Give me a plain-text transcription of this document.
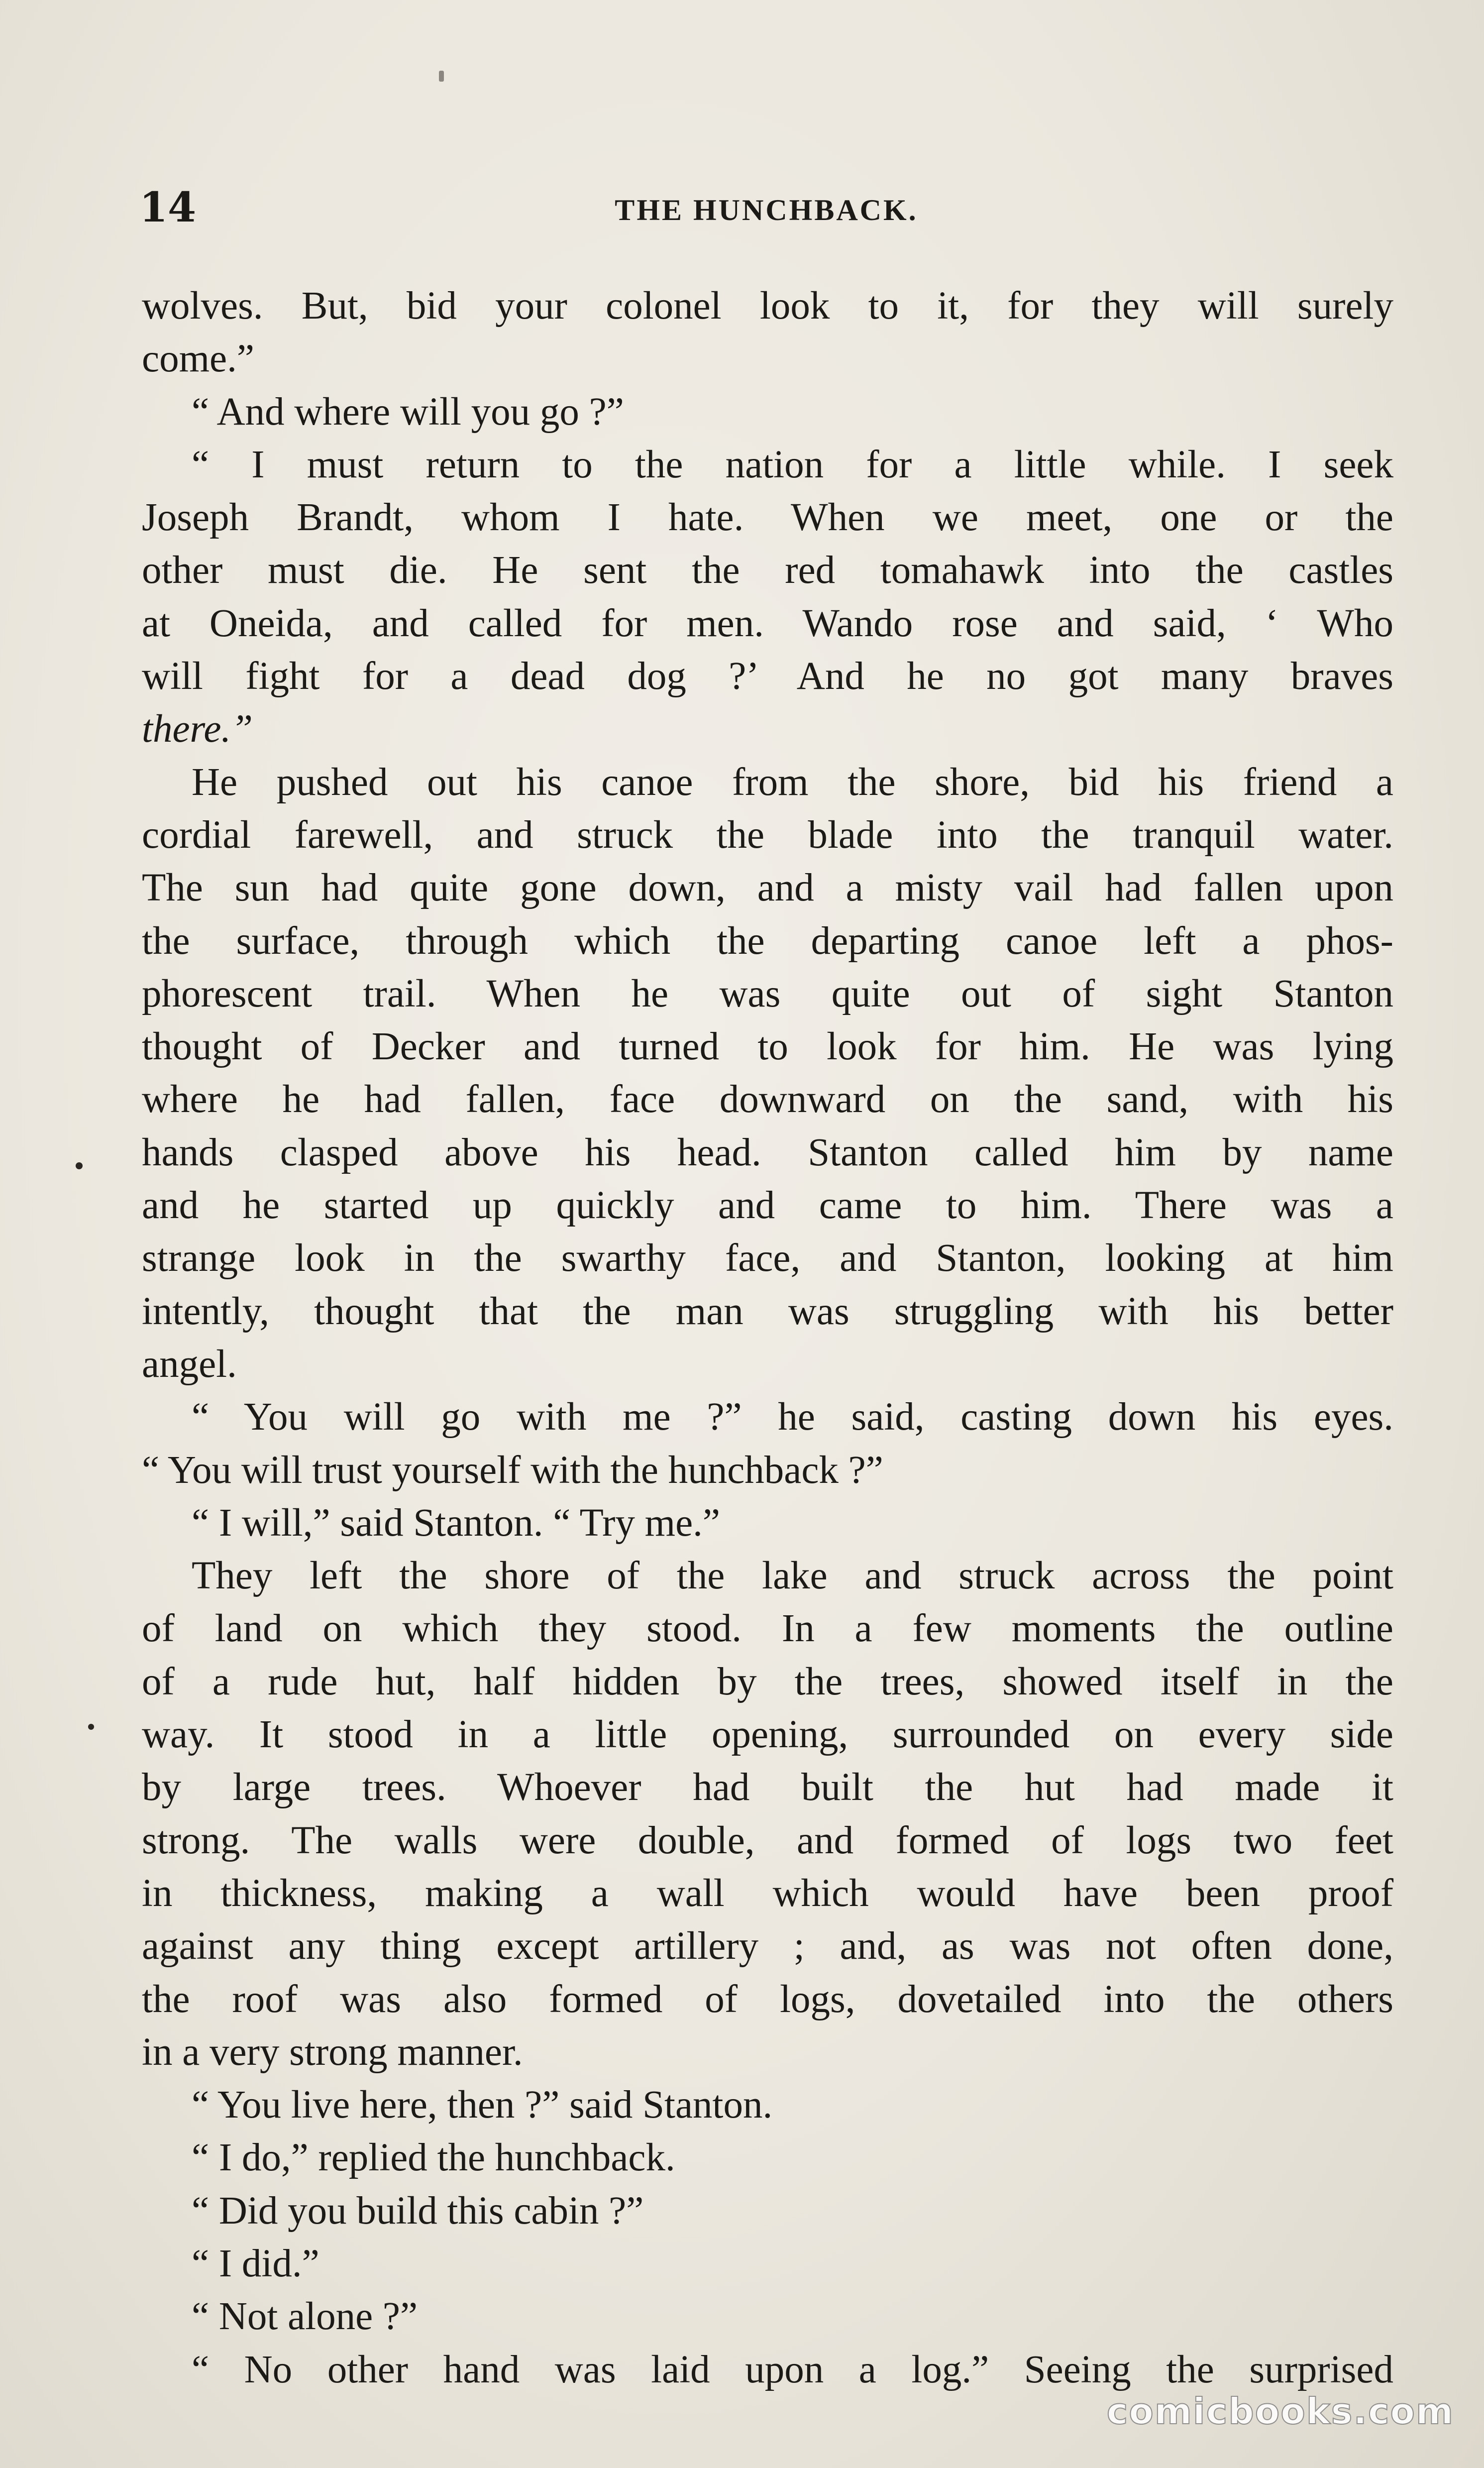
14	THE HUNCHBACK.
wolves. But, bid your colonel look to it, for they will surely
come.”
“ And where will you go ?”
“ I must return to the nation for a little while. I seek
Joseph Brandt, whom I hate. When we meet, one or the
other must die. He sent the red tomahawk into the castles
at Oneida, and called for men. Wando rose and said, ‘ Who
will fight for a dead dog ?’ And he no got many braves
there.”
He pushed out his canoe from the shore, bid his friend a
cordial farewell, and struck the blade into the tranquil water.
The sun had quite gone down, and a misty vail had fallen upon
the surface, through which the departing canoe left a phos-
phorescent trail. When he was quite out of sight Stanton
thought of Decker and turned to look for him. He was lying
where he had fallen, face downward on the sand, with his
hands clasped above his head. Stanton called him by name
and he started up quickly and came to him. There was a
strange look in the swarthy face, and Stanton, looking at him
intently, thought that the man was struggling with his better
angel.
“ You will go with me ?” he said, casting down his eyes.
“ You will trust yourself with the hunchback ?”
“ I will,” said Stanton. “ Try me.”
They left the shore of the lake and struck across the point
of land on which they stood. In a few moments the outline
of a rude hut, half hidden by the trees, showed itself in the
way. It stood in a little opening, surrounded on every side
by large trees. Whoever had built the hut had made it
strong. The walls were double, and formed of logs two feet
in thickness, making a wall which would have been proof
against any thing except artillery ; and, as was not often done,
the roof was also formed of logs, dovetailed into the others
in a very strong manner.
“ You live here, then ?” said Stanton.
“ I do,” replied the hunchback.
“ Did you build this cabin ?”
“ I did.”
“ Not alone ?”
“ No other hand was laid upon a log.” Seeing the surprised
comicbooks.com
